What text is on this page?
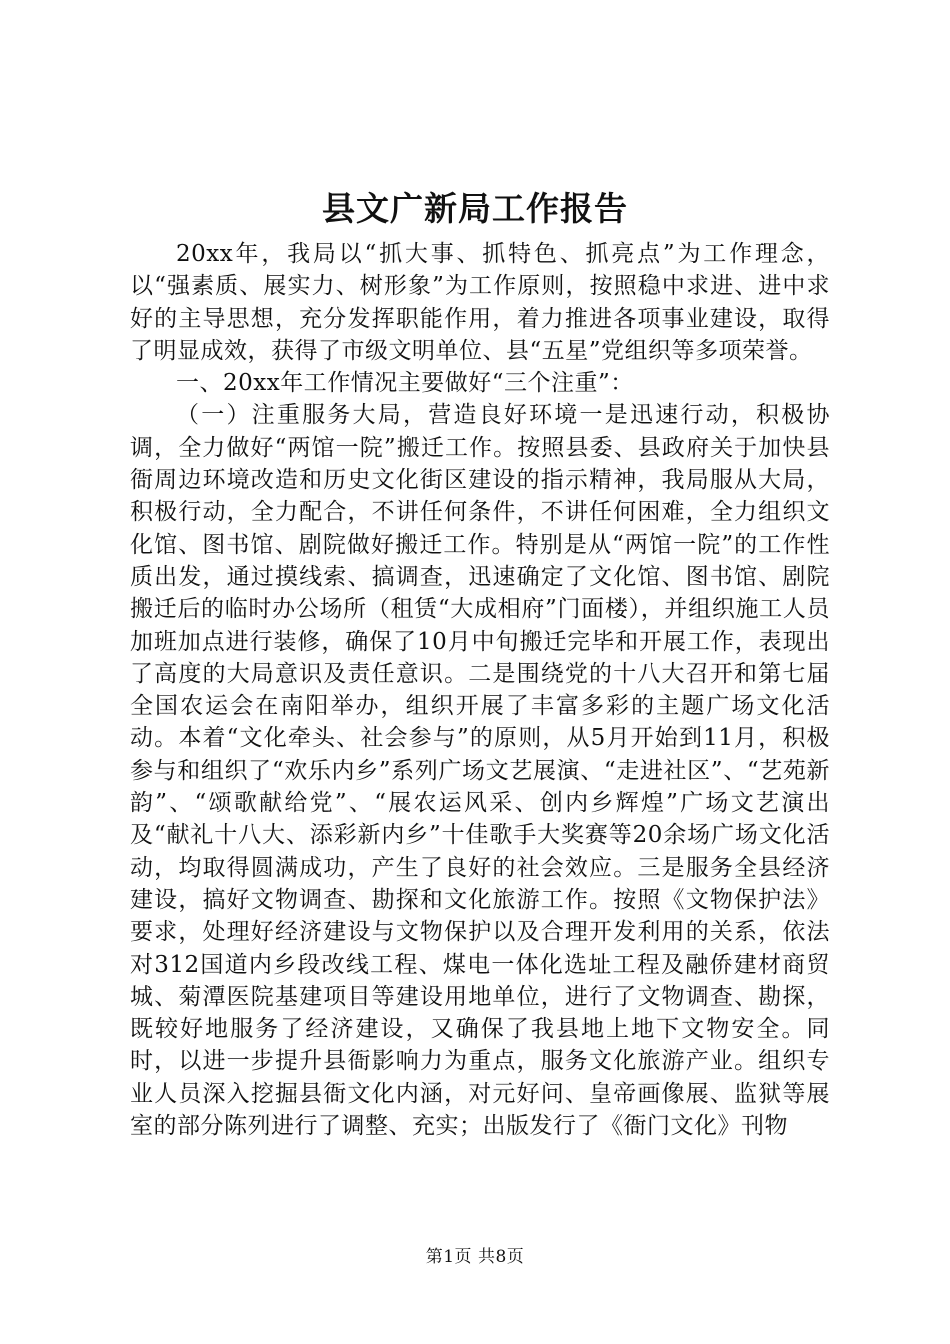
县文广新局工作报告

20xx年，我局以“抓大事、抓特色、抓亮点”为工作理念，以“强素质、展实力、树形象”为工作原则，按照稳中求进、进中求好的主导思想，充分发挥职能作用，着力推进各项事业建设，取得了明显成效，获得了市级文明单位、县“五星”党组织等多项荣誉。

一、20xx年工作情况主要做好“三个注重”：

（一）注重服务大局，营造良好环境一是迅速行动，积极协调，全力做好“两馆一院”搬迁工作。按照县委、县政府关于加快县衙周边环境改造和历史文化街区建设的指示精神，我局服从大局，积极行动，全力配合，不讲任何条件，不讲任何困难，全力组织文化馆、图书馆、剧院做好搬迁工作。特别是从“两馆一院”的工作性质出发，通过摸线索、搞调查，迅速确定了文化馆、图书馆、剧院搬迁后的临时办公场所（租赁“大成相府”门面楼），并组织施工人员加班加点进行装修，确保了10月中旬搬迁完毕和开展工作，表现出了高度的大局意识及责任意识。二是围绕党的十八大召开和第七届全国农运会在南阳举办，组织开展了丰富多彩的主题广场文化活动。本着“文化牵头、社会参与”的原则，从5月开始到11月，积极参与和组织了“欢乐内乡”系列广场文艺展演、“走进社区”、“艺苑新韵”、“颂歌献给党”、“展农运风采、创内乡辉煌”广场文艺演出及“献礼十八大、添彩新内乡”十佳歌手大奖赛等20余场广场文化活动，均取得圆满成功，产生了良好的社会效应。三是服务全县经济建设，搞好文物调查、勘探和文化旅游工作。按照《文物保护法》要求，处理好经济建设与文物保护以及合理开发利用的关系，依法对312国道内乡段改线工程、煤电一体化选址工程及融侨建材商贸城、菊潭医院基建项目等建设用地单位，进行了文物调查、勘探，既较好地服务了经济建设，又确保了我县地上地下文物安全。同时，以进一步提升县衙影响力为重点，服务文化旅游产业。组织专业人员深入挖掘县衙文化内涵，对元好问、皇帝画像展、监狱等展室的部分陈列进行了调整、充实；出版发行了《衙门文化》刊物

第1页 共8页
